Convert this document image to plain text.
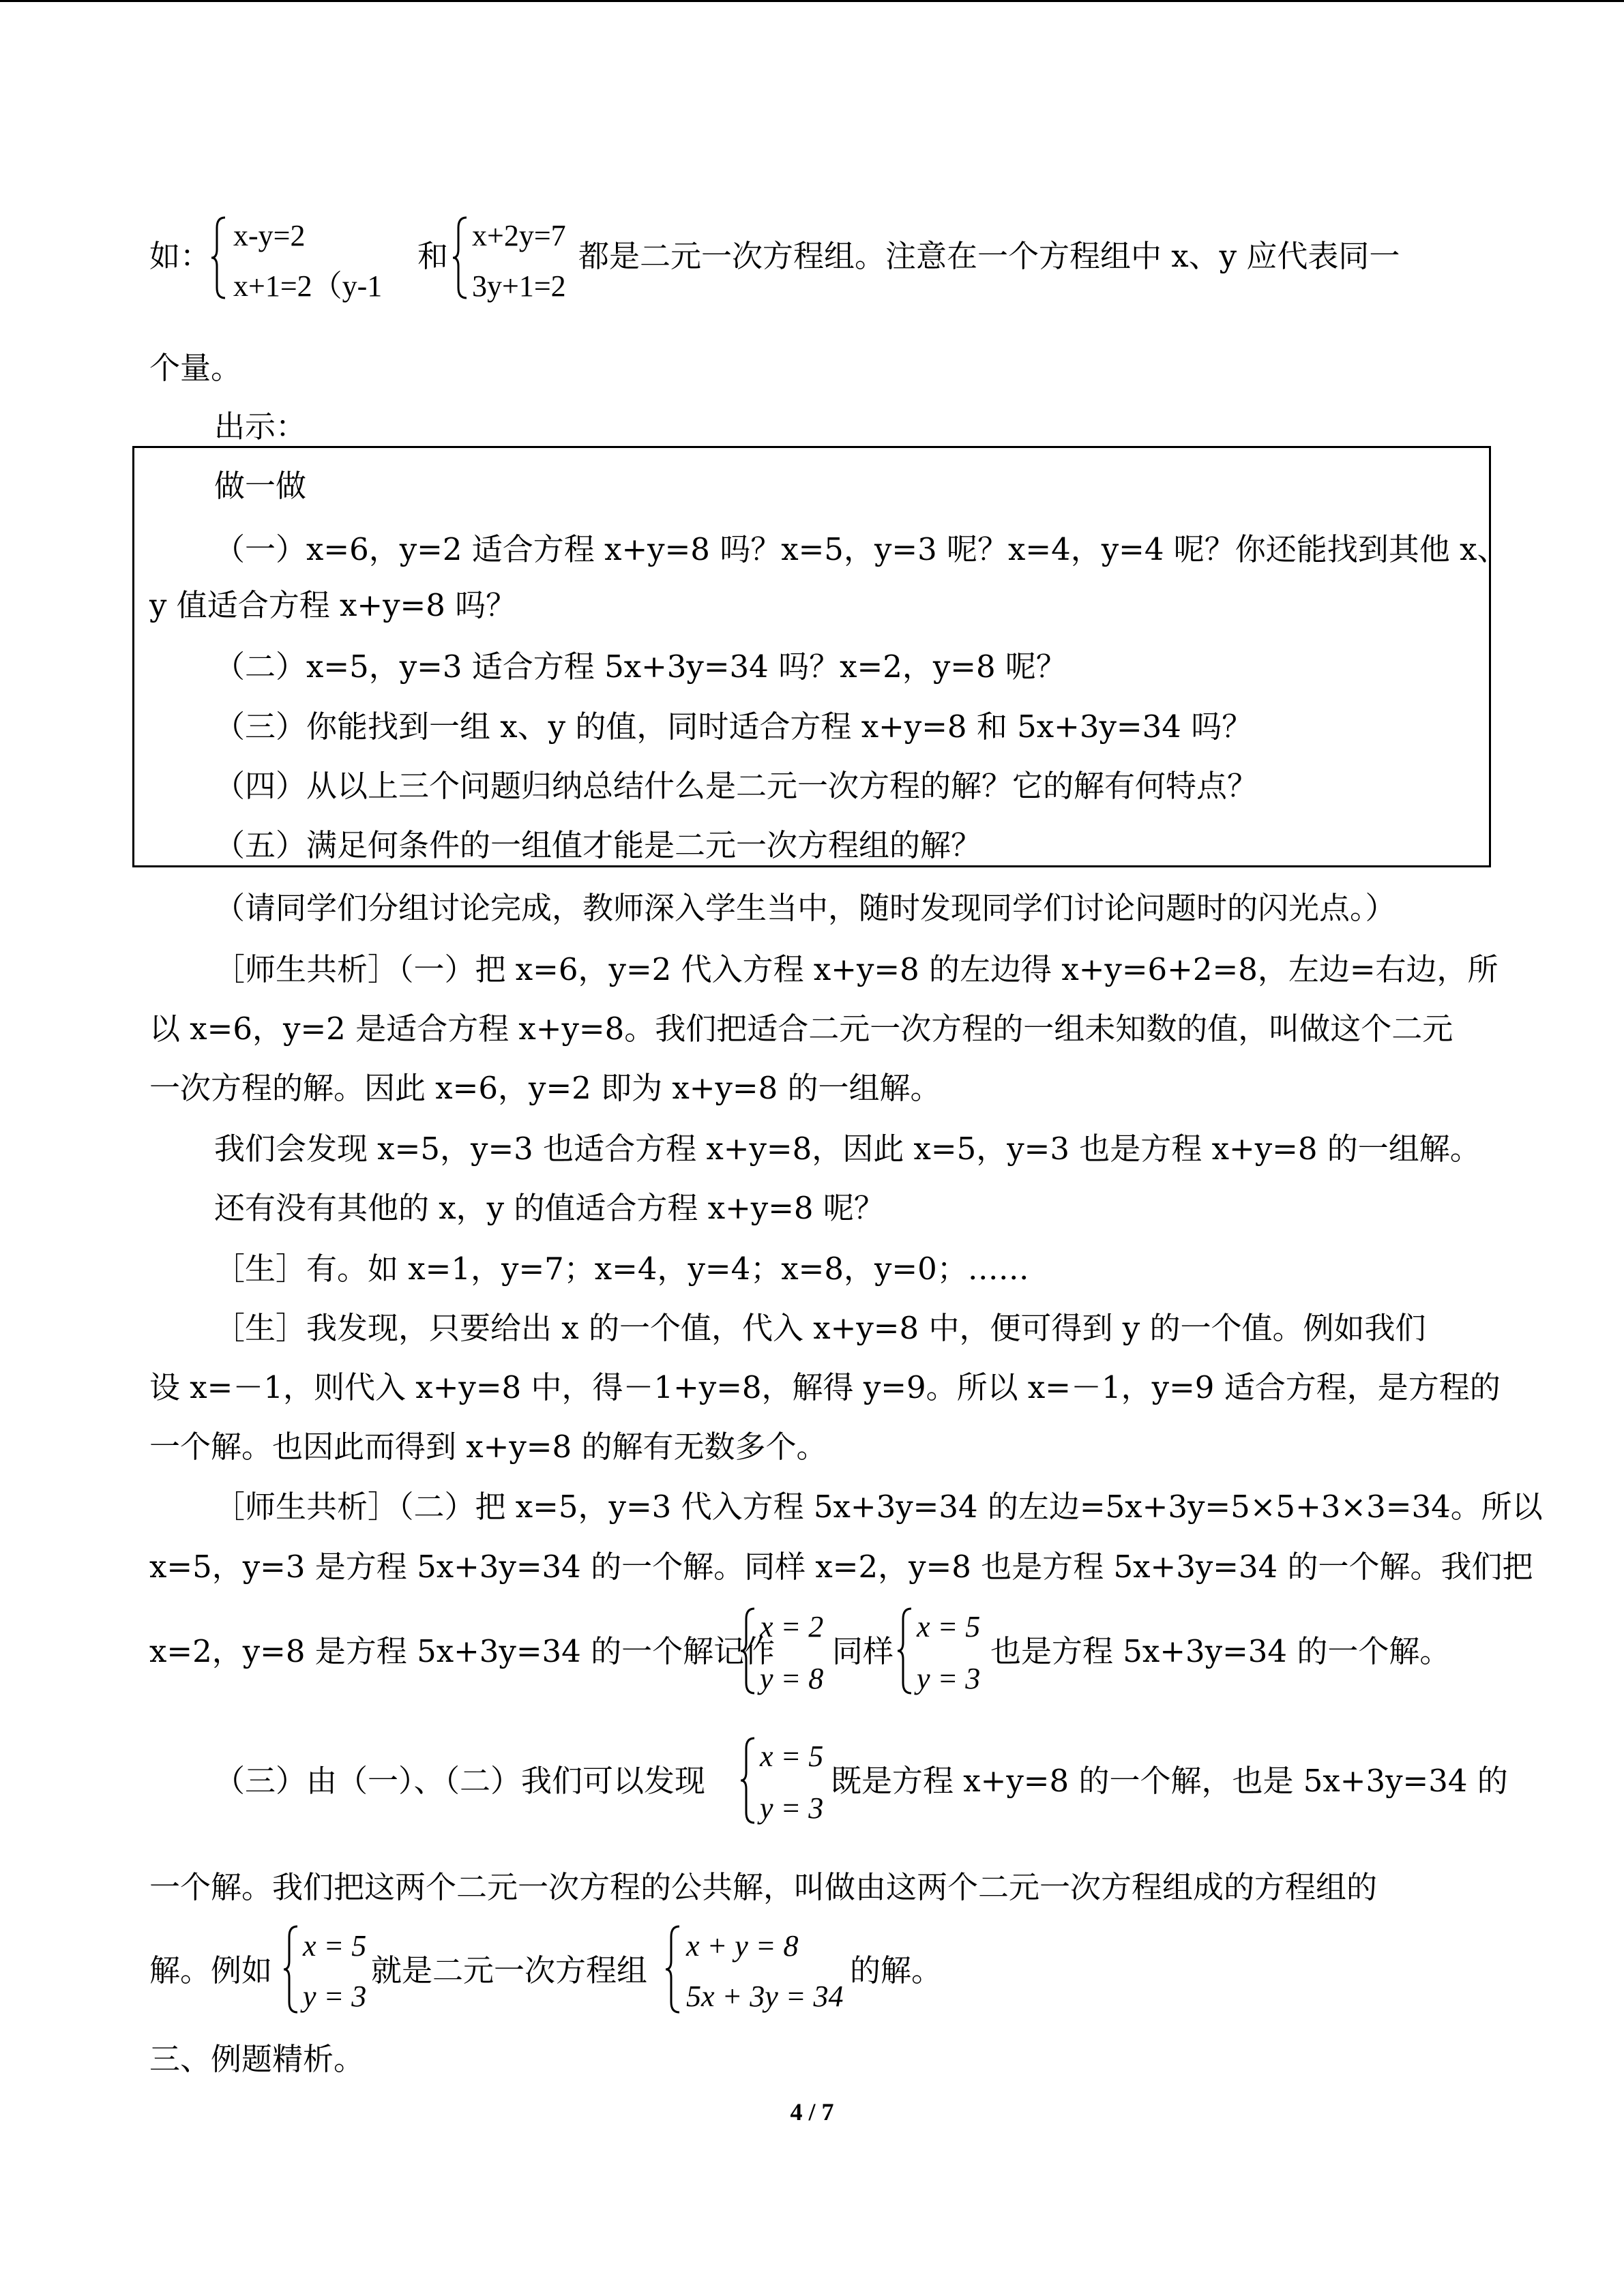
如：
x-y=2
x+1=2（y-1
和
x+2y=7
3y+1=2
都是二元一次方程组。注意在一个方程组中 x、y 应代表同一
个量。
出示：
做一做
（一）x=6，y=2 适合方程 x+y=8 吗？x=5，y=3 呢？x=4，y=4 呢？你还能找到其他 x、
y 值适合方程 x+y=8 吗？
（二）x=5，y=3 适合方程 5x+3y=34 吗？x=2，y=8 呢？
（三）你能找到一组 x、y 的值，同时适合方程 x+y=8 和 5x+3y=34 吗？
（四）从以上三个问题归纳总结什么是二元一次方程的解？它的解有何特点？
（五）满足何条件的一组值才能是二元一次方程组的解？
（请同学们分组讨论完成，教师深入学生当中，随时发现同学们讨论问题时的闪光点。）
［师生共析］（一）把 x=6，y=2 代入方程 x+y=8 的左边得 x+y=6+2=8，左边=右边，所
以 x=6，y=2 是适合方程 x+y=8。我们把适合二元一次方程的一组未知数的值，叫做这个二元
一次方程的解。因此 x=6，y=2 即为 x+y=8 的一组解。
我们会发现 x=5，y=3 也适合方程 x+y=8，因此 x=5，y=3 也是方程 x+y=8 的一组解。
还有没有其他的 x，y 的值适合方程 x+y=8 呢？
［生］有。如 x=1，y=7；x=4，y=4；x=8，y=0；……
［生］我发现，只要给出 x 的一个值，代入 x+y=8 中，便可得到 y 的一个值。例如我们
设 x=－1，则代入 x+y=8 中，得－1+y=8，解得 y=9。所以 x=－1，y=9 适合方程，是方程的
一个解。也因此而得到 x+y=8 的解有无数多个。
［师生共析］（二）把 x=5，y=3 代入方程 5x+3y=34 的左边=5x+3y=5×5+3×3=34。所以
x=5，y=3 是方程 5x+3y=34 的一个解。同样 x=2，y=8 也是方程 5x+3y=34 的一个解。我们把
x=2，y=8 是方程 5x+3y=34 的一个解记作
x = 2
y = 8
同样
x = 5
y = 3
也是方程 5x+3y=34 的一个解。
（三）由（一）、（二）我们可以发现
x = 5
y = 3
既是方程 x+y=8 的一个解，也是 5x+3y=34 的
一个解。我们把这两个二元一次方程的公共解，叫做由这两个二元一次方程组成的方程组的
解。例如
x = 5
y = 3
就是二元一次方程组
x + y = 8
5x + 3y = 34
的解。
三、例题精析。
4 / 7
